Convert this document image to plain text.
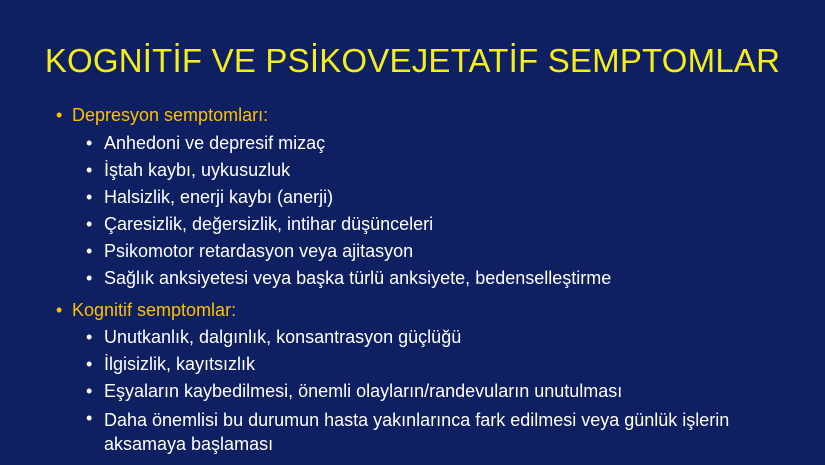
KOGNİTİF VE PSİKOVEJETATİF SEMPTOMLAR
• Depresyon semptomları:
• Anhedoni ve depresif mizaç
• İştah kaybı, uykusuzluk
• Halsizlik, enerji kaybı (anerji)
• Çaresizlik, değersizlik, intihar düşünceleri
• Psikomotor retardasyon veya ajitasyon
• Sağlık anksiyetesi veya başka türlü anksiyete, bedenselleştirme
• Kognitif semptomlar:
• Unutkanlık, dalgınlık, konsantrasyon güçlüğü
• İlgisizlik, kayıtsızlık
• Eşyaların kaybedilmesi, önemli olayların/randevuların unutulması
• Daha önemlisi bu durumun hasta yakınlarınca fark edilmesi veya günlük işlerin aksamaya başlaması
